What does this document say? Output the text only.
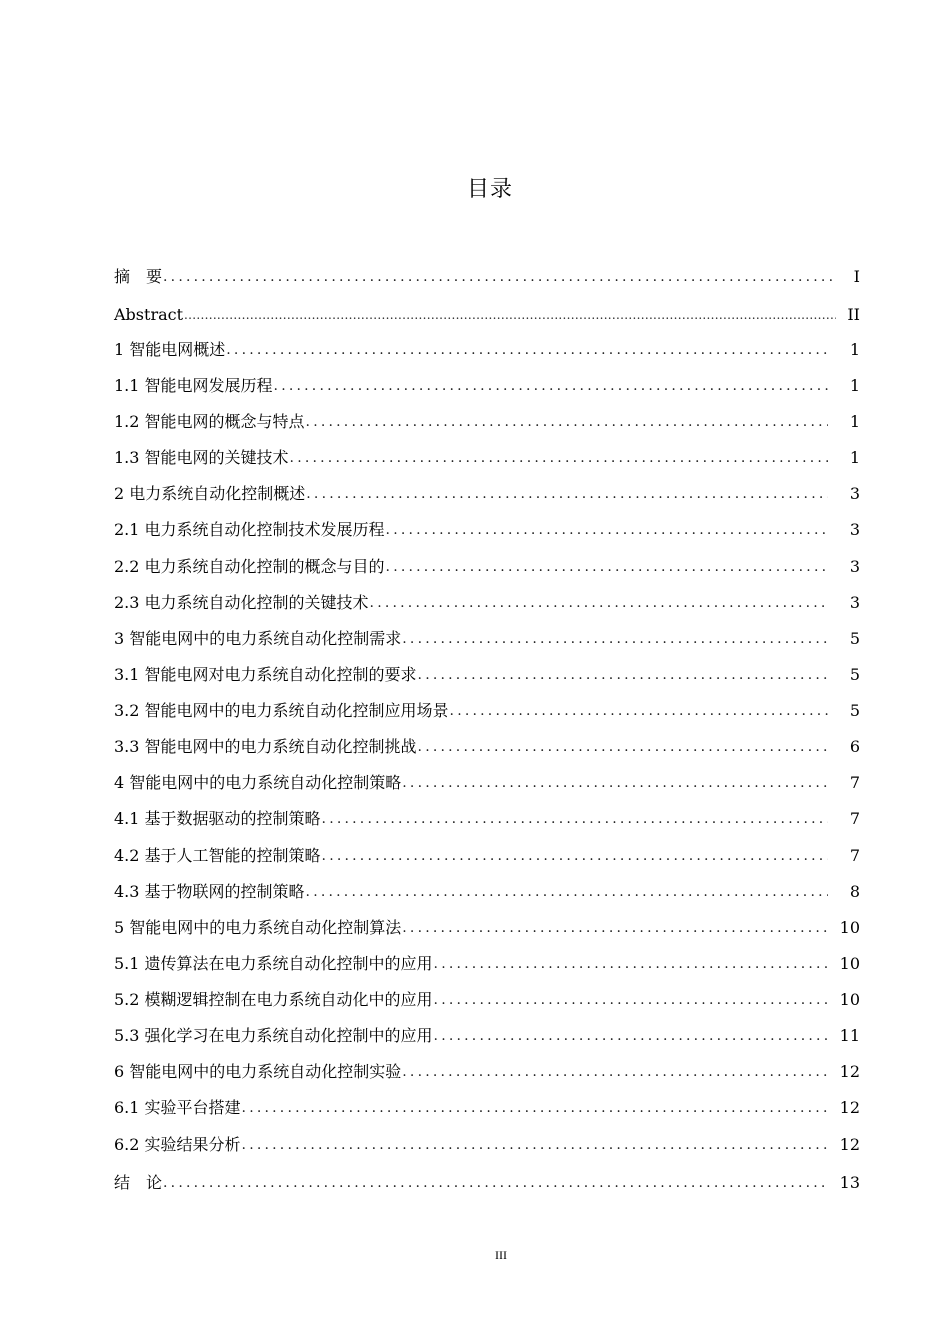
目录
摘　要 .....	I
Abstract .....	II
1 智能电网概述 .....	1
1.1 智能电网发展历程 .....	1
1.2 智能电网的概念与特点 .....	1
1.3 智能电网的关键技术 .....	1
2 电力系统自动化控制概述 .....	3
2.1 电力系统自动化控制技术发展历程 .....	3
2.2 电力系统自动化控制的概念与目的 .....	3
2.3 电力系统自动化控制的关键技术 .....	3
3 智能电网中的电力系统自动化控制需求 .....	5
3.1 智能电网对电力系统自动化控制的要求 .....	5
3.2 智能电网中的电力系统自动化控制应用场景 .....	5
3.3 智能电网中的电力系统自动化控制挑战 .....	6
4 智能电网中的电力系统自动化控制策略 .....	7
4.1 基于数据驱动的控制策略 .....	7
4.2 基于人工智能的控制策略 .....	7
4.3 基于物联网的控制策略 .....	8
5 智能电网中的电力系统自动化控制算法 .....	10
5.1 遗传算法在电力系统自动化控制中的应用 .....	10
5.2 模糊逻辑控制在电力系统自动化中的应用 .....	10
5.3 强化学习在电力系统自动化控制中的应用 .....	11
6 智能电网中的电力系统自动化控制实验 .....	12
6.1 实验平台搭建 .....	12
6.2 实验结果分析 .....	12
结　论 .....	13
III
